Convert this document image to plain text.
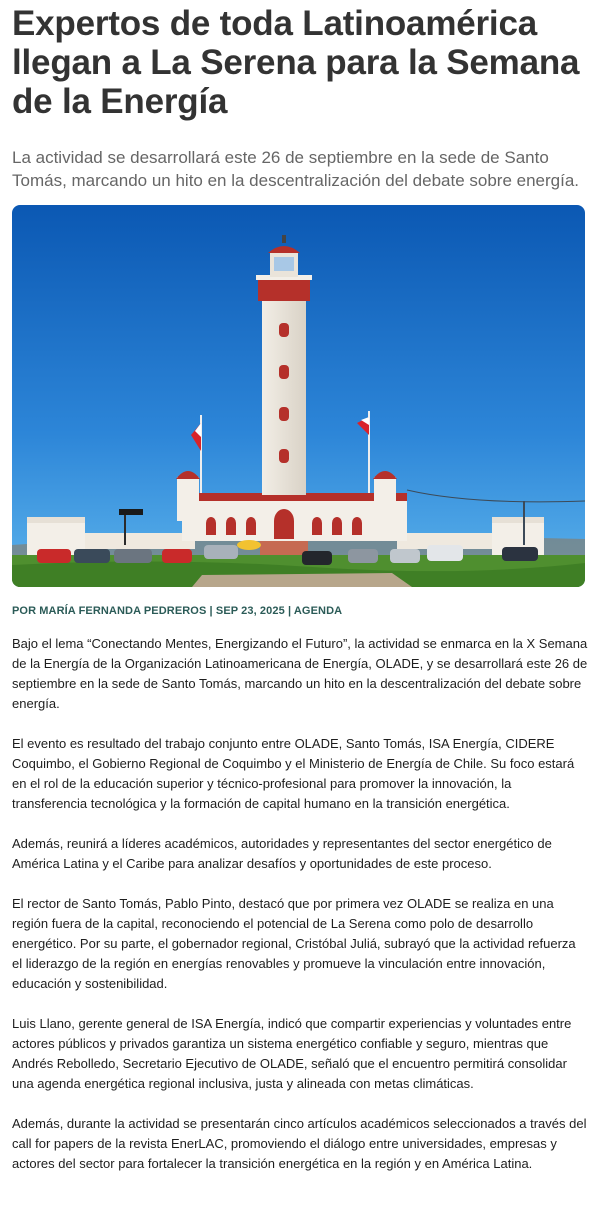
Expertos de toda Latinoamérica llegan a La Serena para la Semana de la Energía

La actividad se desarrollará este 26 de septiembre en la sede de Santo Tomás, marcando un hito en la descentralización del debate sobre energía.

POR MARÍA FERNANDA PEDREROS | SEP 23, 2025 | AGENDA

Bajo el lema “Conectando Mentes, Energizando el Futuro”, la actividad se enmarca en la X Semana de la Energía de la Organización Latinoamericana de Energía, OLADE, y se desarrollará este 26 de septiembre en la sede de Santo Tomás, marcando un hito en la descentralización del debate sobre energía.

El evento es resultado del trabajo conjunto entre OLADE, Santo Tomás, ISA Energía, CIDERE Coquimbo, el Gobierno Regional de Coquimbo y el Ministerio de Energía de Chile. Su foco estará en el rol de la educación superior y técnico-profesional para promover la innovación, la transferencia tecnológica y la formación de capital humano en la transición energética.

Además, reunirá a líderes académicos, autoridades y representantes del sector energético de América Latina y el Caribe para analizar desafíos y oportunidades de este proceso.

El rector de Santo Tomás, Pablo Pinto, destacó que por primera vez OLADE se realiza en una región fuera de la capital, reconociendo el potencial de La Serena como polo de desarrollo energético. Por su parte, el gobernador regional, Cristóbal Juliá, subrayó que la actividad refuerza el liderazgo de la región en energías renovables y promueve la vinculación entre innovación, educación y sostenibilidad.

Luis Llano, gerente general de ISA Energía, indicó que compartir experiencias y voluntades entre actores públicos y privados garantiza un sistema energético confiable y seguro, mientras que Andrés Rebolledo, Secretario Ejecutivo de OLADE, señaló que el encuentro permitirá consolidar una agenda energética regional inclusiva, justa y alineada con metas climáticas.

Además, durante la actividad se presentarán cinco artículos académicos seleccionados a través del call for papers de la revista EnerLAC, promoviendo el diálogo entre universidades, empresas y actores del sector para fortalecer la transición energética en la región y en América Latina.
